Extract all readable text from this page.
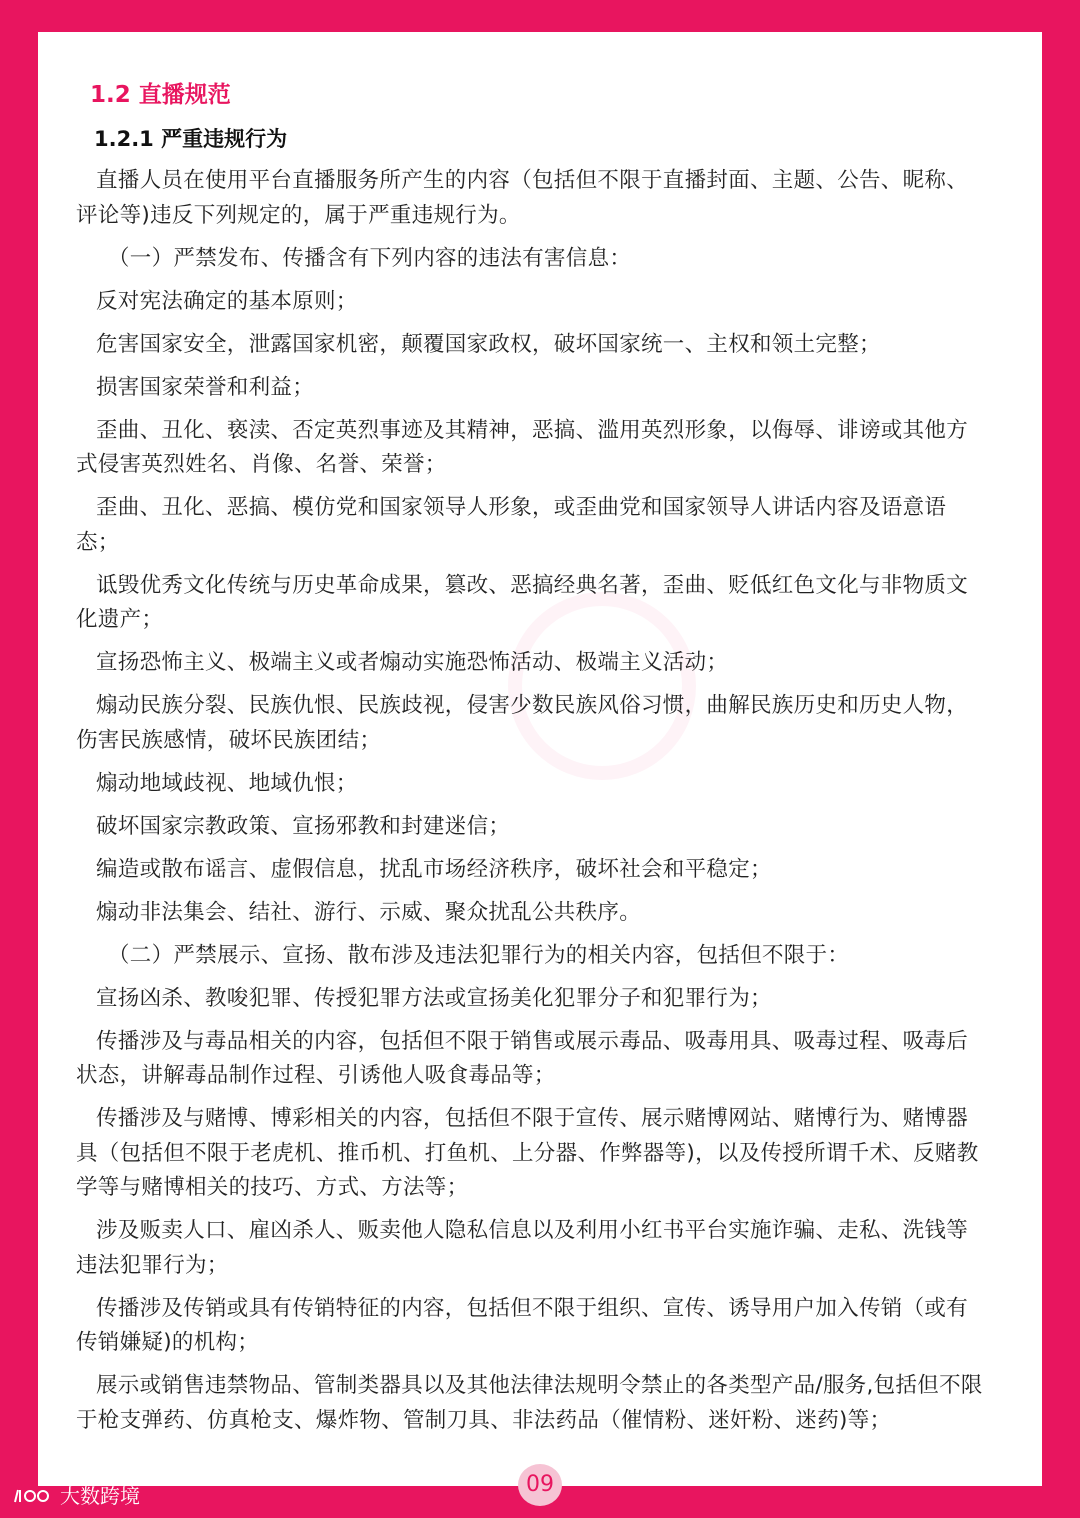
1.2 直播规范
1.2.1 严重违规行为

直播人员在使用平台直播服务所产生的内容（包括但不限于直播封面、主题、公告、昵称、评论等)违反下列规定的，属于严重违规行为。

（一）严禁发布、传播含有下列内容的违法有害信息：

反对宪法确定的基本原则；

危害国家安全，泄露国家机密，颠覆国家政权，破坏国家统一、主权和领土完整；

损害国家荣誉和利益；

歪曲、丑化、亵渎、否定英烈事迹及其精神，恶搞、滥用英烈形象，以侮辱、诽谤或其他方式侵害英烈姓名、肖像、名誉、荣誉；

歪曲、丑化、恶搞、模仿党和国家领导人形象，或歪曲党和国家领导人讲话内容及语意语态；

诋毁优秀文化传统与历史革命成果，篡改、恶搞经典名著，歪曲、贬低红色文化与非物质文化遗产；

宣扬恐怖主义、极端主义或者煽动实施恐怖活动、极端主义活动；

煽动民族分裂、民族仇恨、民族歧视，侵害少数民族风俗习惯，曲解民族历史和历史人物，伤害民族感情，破坏民族团结；

煽动地域歧视、地域仇恨；

破坏国家宗教政策、宣扬邪教和封建迷信；

编造或散布谣言、虚假信息，扰乱市场经济秩序，破坏社会和平稳定；

煽动非法集会、结社、游行、示威、聚众扰乱公共秩序。

（二）严禁展示、宣扬、散布涉及违法犯罪行为的相关内容，包括但不限于：

宣扬凶杀、教唆犯罪、传授犯罪方法或宣扬美化犯罪分子和犯罪行为；

传播涉及与毒品相关的内容，包括但不限于销售或展示毒品、吸毒用具、吸毒过程、吸毒后状态，讲解毒品制作过程、引诱他人吸食毒品等；

传播涉及与赌博、博彩相关的内容，包括但不限于宣传、展示赌博网站、赌博行为、赌博器具（包括但不限于老虎机、推币机、打鱼机、上分器、作弊器等)，以及传授所谓千术、反赌教学等与赌博相关的技巧、方式、方法等；

涉及贩卖人口、雇凶杀人、贩卖他人隐私信息以及利用小红书平台实施诈骗、走私、洗钱等违法犯罪行为；

传播涉及传销或具有传销特征的内容，包括但不限于组织、宣传、诱导用户加入传销（或有传销嫌疑)的机构；

展示或销售违禁物品、管制类器具以及其他法律法规明令禁止的各类型产品/服务,包括但不限于枪支弹药、仿真枪支、爆炸物、管制刀具、非法药品（催情粉、迷奸粉、迷药)等；

09
大数跨境
